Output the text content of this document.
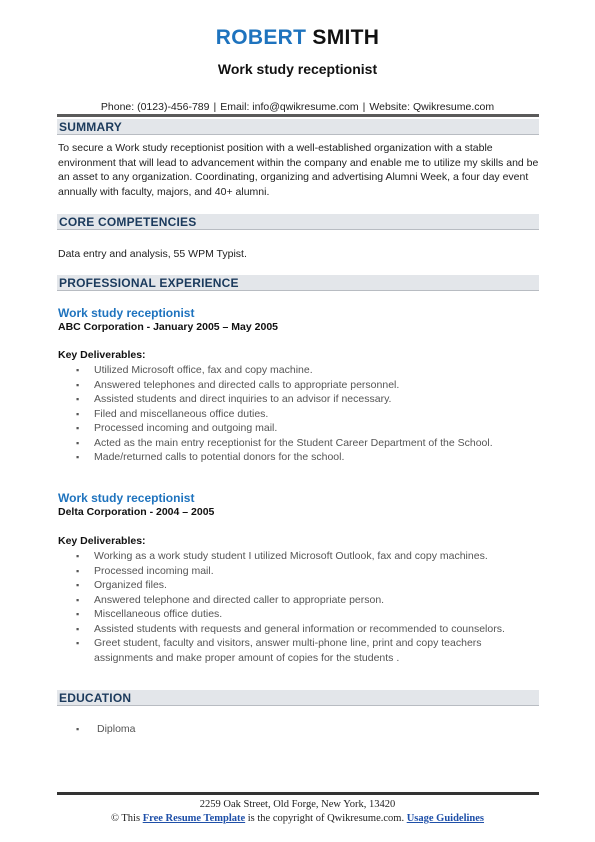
ROBERT SMITH
Work study receptionist
Phone: (0123)-456-789 | Email: info@qwikresume.com | Website: Qwikresume.com
SUMMARY
To secure a Work study receptionist position with a well-established organization with a stable environment that will lead to advancement within the company and enable me to utilize my skills and be an asset to any organization. Coordinating, organizing and advertising Alumni Week, a four day event annually with faculty, majors, and 40+ alumni.
CORE COMPETENCIES
Data entry and analysis, 55 WPM Typist.
PROFESSIONAL EXPERIENCE
Work study receptionist
ABC Corporation - January 2005 – May 2005
Key Deliverables:
▪ Utilized Microsoft office, fax and copy machine.
▪ Answered telephones and directed calls to appropriate personnel.
▪ Assisted students and direct inquiries to an advisor if necessary.
▪ Filed and miscellaneous office duties.
▪ Processed incoming and outgoing mail.
▪ Acted as the main entry receptionist for the Student Career Department of the School.
▪ Made/returned calls to potential donors for the school.
Work study receptionist
Delta Corporation - 2004 – 2005
Key Deliverables:
▪ Working as a work study student I utilized Microsoft Outlook, fax and copy machines.
▪ Processed incoming mail.
▪ Organized files.
▪ Answered telephone and directed caller to appropriate person.
▪ Miscellaneous office duties.
▪ Assisted students with requests and general information or recommended to counselors.
▪ Greet student, faculty and visitors, answer multi-phone line, print and copy teachers assignments and make proper amount of copies for the students .
EDUCATION
▪ Diploma
2259 Oak Street, Old Forge, New York, 13420
© This Free Resume Template is the copyright of Qwikresume.com. Usage Guidelines
